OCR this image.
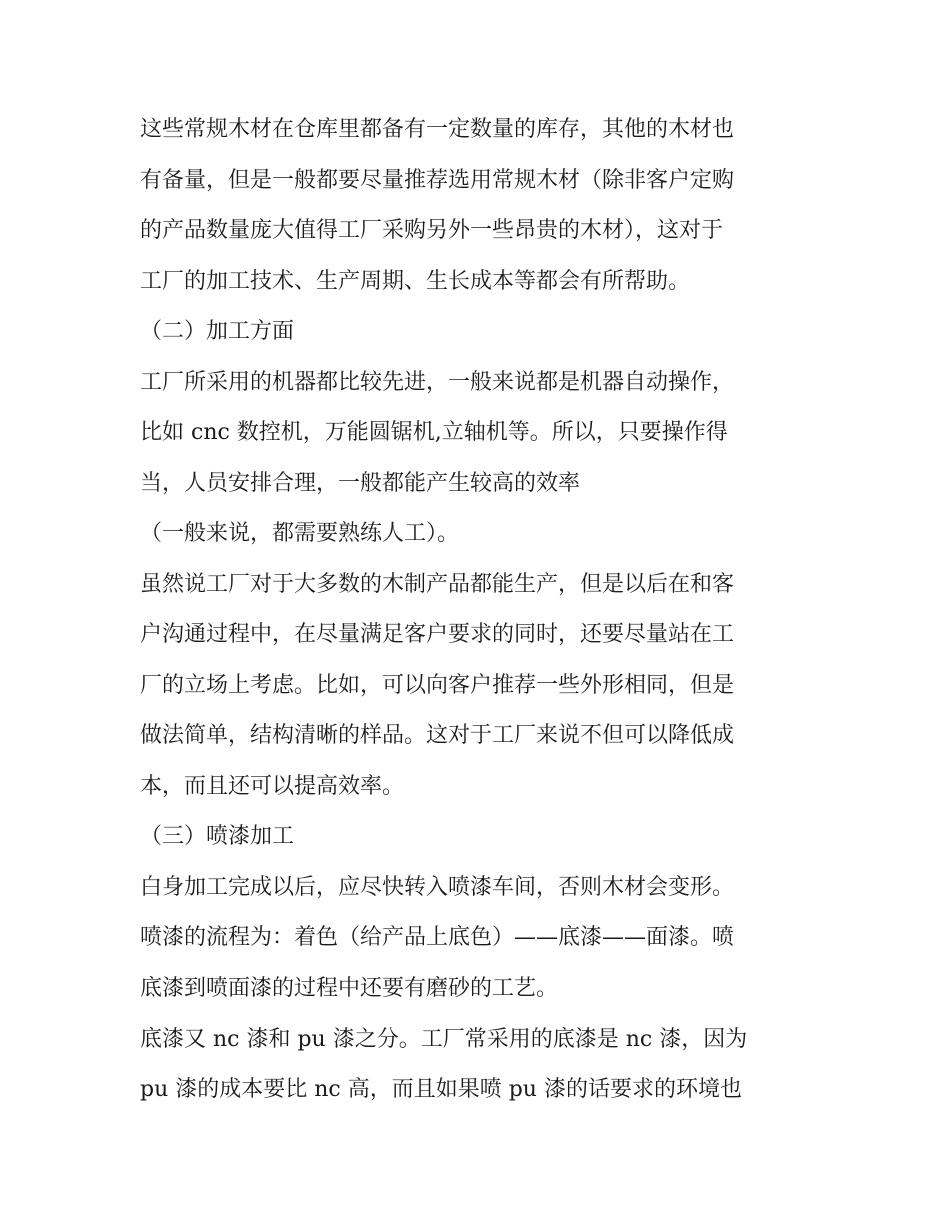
这些常规木材在仓库里都备有一定数量的库存，其他的木材也
有备量，但是一般都要尽量推荐选用常规木材（除非客户定购
的产品数量庞大值得工厂采购另外一些昂贵的木材），这对于
工厂的加工技术、生产周期、生长成本等都会有所帮助。
（二）加工方面
工厂所采用的机器都比较先进，一般来说都是机器自动操作，
比如 cnc 数控机，万能圆锯机,立轴机等。所以，只要操作得
当，人员安排合理，一般都能产生较高的效率
（一般来说，都需要熟练人工）。
虽然说工厂对于大多数的木制产品都能生产，但是以后在和客
户沟通过程中，在尽量满足客户要求的同时，还要尽量站在工
厂的立场上考虑。比如，可以向客户推荐一些外形相同，但是
做法简单，结构清晰的样品。这对于工厂来说不但可以降低成
本，而且还可以提高效率。
（三）喷漆加工
白身加工完成以后，应尽快转入喷漆车间，否则木材会变形。
喷漆的流程为：着色（给产品上底色）——底漆——面漆。喷
底漆到喷面漆的过程中还要有磨砂的工艺。
底漆又 nc 漆和 pu 漆之分。工厂常采用的底漆是 nc 漆，因为
pu 漆的成本要比 nc 高，而且如果喷 pu 漆的话要求的环境也
